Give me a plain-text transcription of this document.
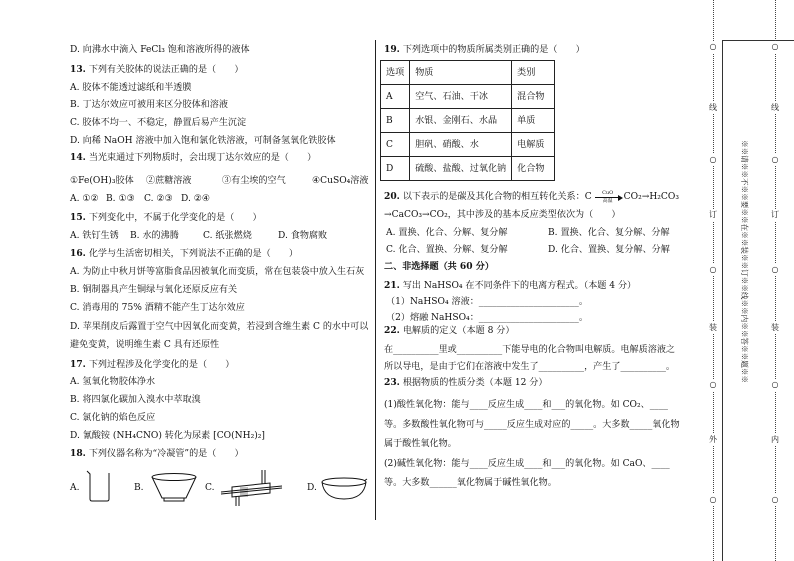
D. 向沸水中滴入 FeCl₃ 饱和溶液所得的液体
13. 下列有关胶体的说法正确的是（　　）
A. 胶体不能透过滤纸和半透膜
B. 丁达尔效应可被用来区分胶体和溶液
C. 胶体不均一、不稳定，静置后易产生沉淀
D. 向稀 NaOH 溶液中加入饱和氯化铁溶液，可制备氢氧化铁胶体
14. 当光束通过下列物质时，会出现丁达尔效应的是（　　）
①Fe(OH)₃胶体 ②蔗糖溶液	③有尘埃的空气	④CuSO₄溶液
A. ①② B. ①③ C. ②③ D. ②④
15. 下列变化中，不属于化学变化的是（　　）
A. 铁钉生锈 B. 水的沸腾	C. 纸张燃烧	D. 食物腐败
16. 化学与生活密切相关，下列说法不正确的是（　　）
A. 为防止中秋月饼等富脂食品因被氧化而变质，常在包装袋中放入生石灰
B. 铜制器具产生铜绿与氧化还原反应有关
C. 消毒用的 75% 酒精不能产生丁达尔效应
D. 苹果削皮后露置于空气中因氧化而变黄，若浸到含维生素 C 的水中可以
避免变黄，说明维生素 C 具有还原性
17. 下列过程涉及化学变化的是（　　）
A. 氢氧化物胶体净水
B. 将四氯化碳加入溴水中萃取溴
C. 氯化钠的焰色反应
D. 氰酸铵 (NH₄CNO) 转化为尿素 [CO(NH₂)₂]
18. 下列仪器名称为“冷凝管”的是（　　）
A.	B.	C.	D.
19. 下列选项中的物质所属类别正确的是（　　）
选项	物质	类别
A	空气、石油、干冰	混合物
B	水银、金刚石、水晶	单质
C	胆矾、硝酸、水	电解质
D	硫酸、盐酸、过氧化钠	化合物
20. 以下表示的是碳及其化合物的相互转化关系：C	CuO
高温	CO₂→H₂CO₃
→CaCO₃→CO₂，其中涉及的基本反应类型依次为（　　）
A. 置换、化合、分解、复分解	B. 置换、化合、复分解、分解
C. 化合、置换、分解、复分解	D. 化合、置换、复分解、分解
二、非选择题（共 60 分）
21. 写出 NaHSO₄ 在不同条件下的电离方程式。（本题 4 分）
（1）NaHSO₄ 溶液：______________________。
（2）熔融 NaHSO₄：______________________。
22. 电解质的定义（本题 8 分）
在__________里或__________下能导电的化合物叫电解质。电解质溶液之
所以导电，是由于它们在溶液中发生了__________，产生了__________。
23. 根据物质的性质分类（本题 12 分）
(1)酸性氧化物：能与____反应生成____和___的氧化物。如 CO₂、____
等。多数酸性氧化物可与_____反应生成对应的_____。大多数_____氧化物
属于酸性氧化物。
(2)碱性氧化物：能与____反应生成____和___的氧化物。如 CaO、____
等。大多数______氧化物属于碱性氧化物。
○
线
○
订
○
装
○
外
○
※※请※※不※※要※※在※※装※※订※※线※※内※※答※※题※※
○
线
○
订
○
装
○
内
○
